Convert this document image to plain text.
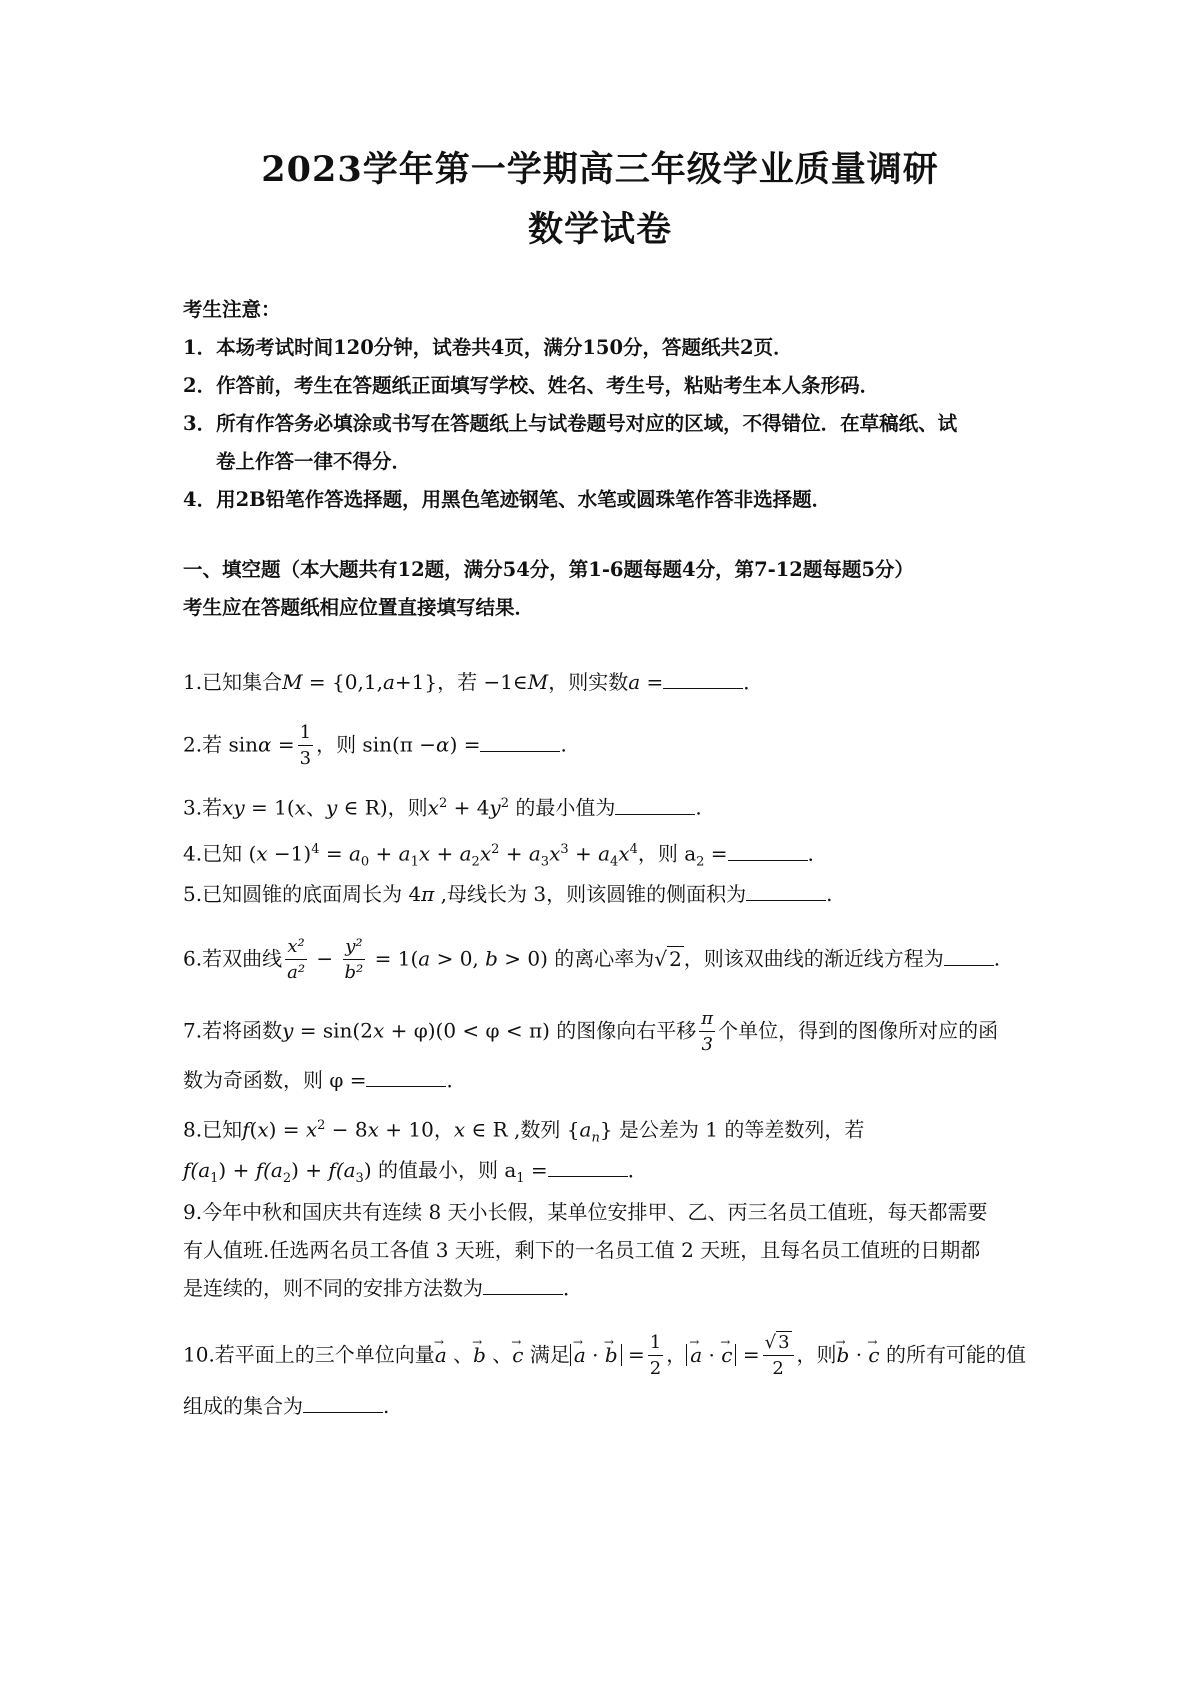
2023学年第一学期高三年级学业质量调研
数学试卷
考生注意：
1．本场考试时间120分钟，试卷共4页，满分150分，答题纸共2页．
2．作答前，考生在答题纸正面填写学校、姓名、考生号，粘贴考生本人条形码．
3．所有作答务必填涂或书写在答题纸上与试卷题号对应的区域，不得错位．在草稿纸、试
卷上作答一律不得分．
4．用2B铅笔作答选择题，用黑色笔迹钢笔、水笔或圆珠笔作答非选择题．
一、填空题（本大题共有12题，满分54分，第1-6题每题4分，第7-12题每题5分）
考生应在答题纸相应位置直接填写结果．
1.已知集合M = {0,1,a+1}，若 −1∈M，则实数a =	．
2.若 $\sin\alpha = \frac{1}{3}$ ，则 sin(π −α) =	.
3.若xy = 1(x、y ∈ R)，则$x^2 + 4y^2$ 的最小值为	.
4.已知 $(x -1)^4 = a_0 + a_1x + a_2x^2 + a_3x^3 + a_4x^4$，则 $a_2$ =	．
5.已知圆锥的底面周长为 4π ,母线长为 3，则该圆锥的侧面积为	.
6.若双曲线 $\frac{\text{x²}}{\text{a²}} - \frac{\text{y²}}{\text{b²}} = 1(a > 0$, b > 0) 的离心率为√ 2 ，则该双曲线的渐近线方程为	.
7.若将函数y = sin(2x + φ)(0 < φ < π) 的图像向右平移 $\frac{\pi}{3}$ 个单位，得到的图像所对应的函
数为奇函数，则 φ =	．
8.已知$f(x) = x^2 - 8x + 10$，x ∈ R ,数列 $\{a_n\}$ 是公差为 1 的等差数列，若
$f(a_1) + f(a_2) + f(a_3)$ 的值最小，则 $a_1$ =	．
9.今年中秋和国庆共有连续 8 天小长假，某单位安排甲、乙、丙三名员工值班，每天都需要
有人值班.任选两名员工各值 3 天班，剩下的一名员工值 2 天班，且每名员工值班的日期都
是连续的，则不同的安排方法数为	．
10.若平面上的三个单位向量→ a 、→ b 、→ c 满足 → a · → $b = \frac{1}{2}$ ， → a · → $c = \frac{√ 3}{2}$ ，则→ b · → c 的所有可能的值
组成的集合为	.
